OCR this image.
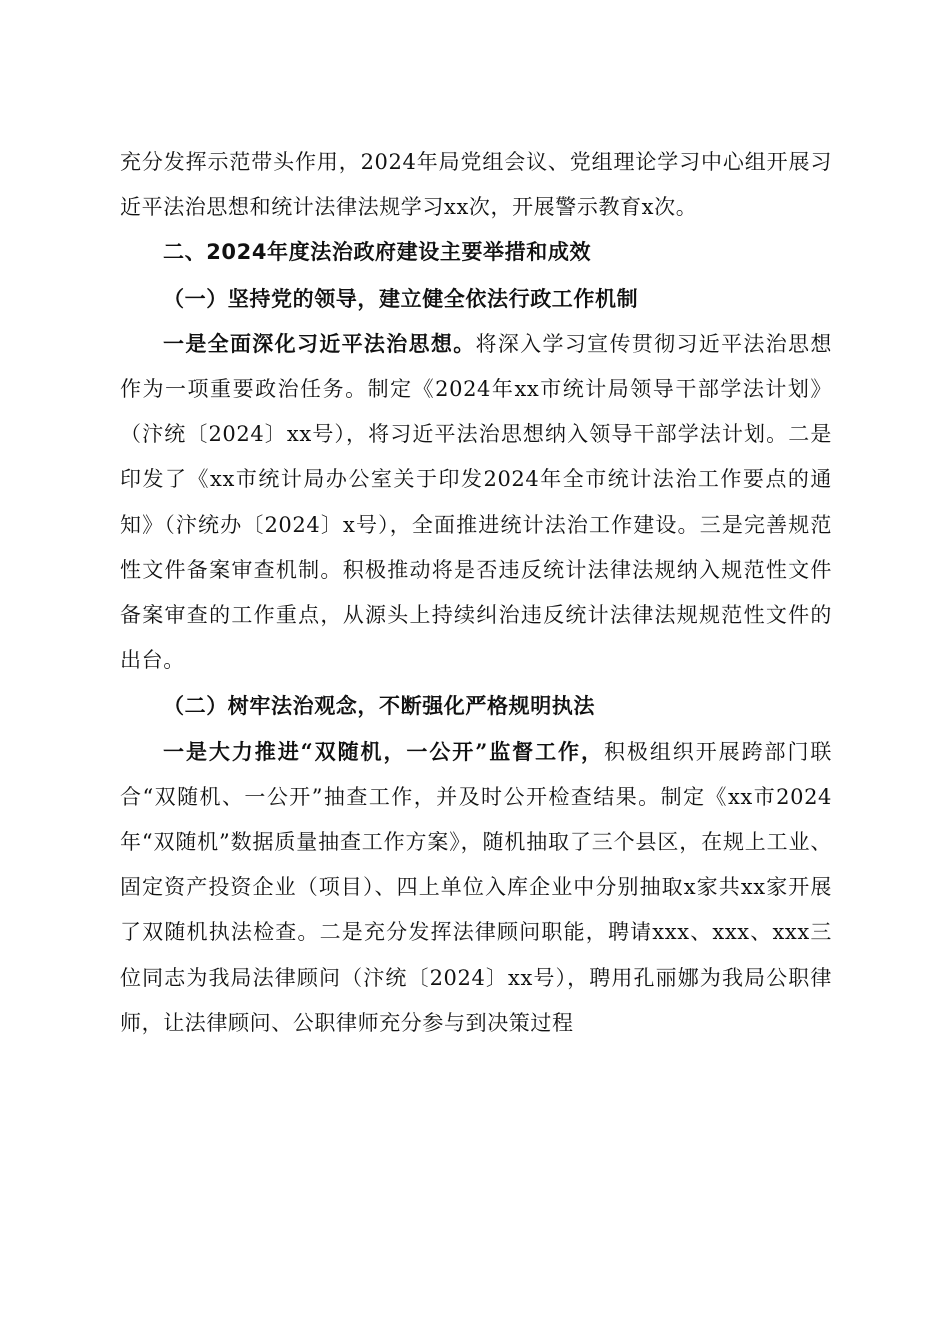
充分发挥示范带头作用，2024年局党组会议、党组理论学习中心组开展习近平法治思想和统计法律法规学习xx次，开展警示教育x次。

二、2024年度法治政府建设主要举措和成效

（一）坚持党的领导，建立健全依法行政工作机制

一是全面深化习近平法治思想。将深入学习宣传贯彻习近平法治思想作为一项重要政治任务。制定《2024年xx市统计局领导干部学法计划》（汴统〔2024〕xx号），将习近平法治思想纳入领导干部学法计划。二是印发了《xx市统计局办公室关于印发2024年全市统计法治工作要点的通知》（汴统办〔2024〕x号），全面推进统计法治工作建设。三是完善规范性文件备案审查机制。积极推动将是否违反统计法律法规纳入规范性文件备案审查的工作重点，从源头上持续纠治违反统计法律法规规范性文件的出台。

（二）树牢法治观念，不断强化严格规明执法

一是大力推进“双随机，一公开”监督工作，积极组织开展跨部门联合“双随机、一公开”抽查工作，并及时公开检查结果。制定《xx市2024年“双随机”数据质量抽查工作方案》，随机抽取了三个县区，在规上工业、固定资产投资企业（项目）、四上单位入库企业中分别抽取x家共xx家开展了双随机执法检查。二是充分发挥法律顾问职能，聘请xxx、xxx、xxx三位同志为我局法律顾问（汴统〔2024〕xx号），聘用孔丽娜为我局公职律师，让法律顾问、公职律师充分参与到决策过程
